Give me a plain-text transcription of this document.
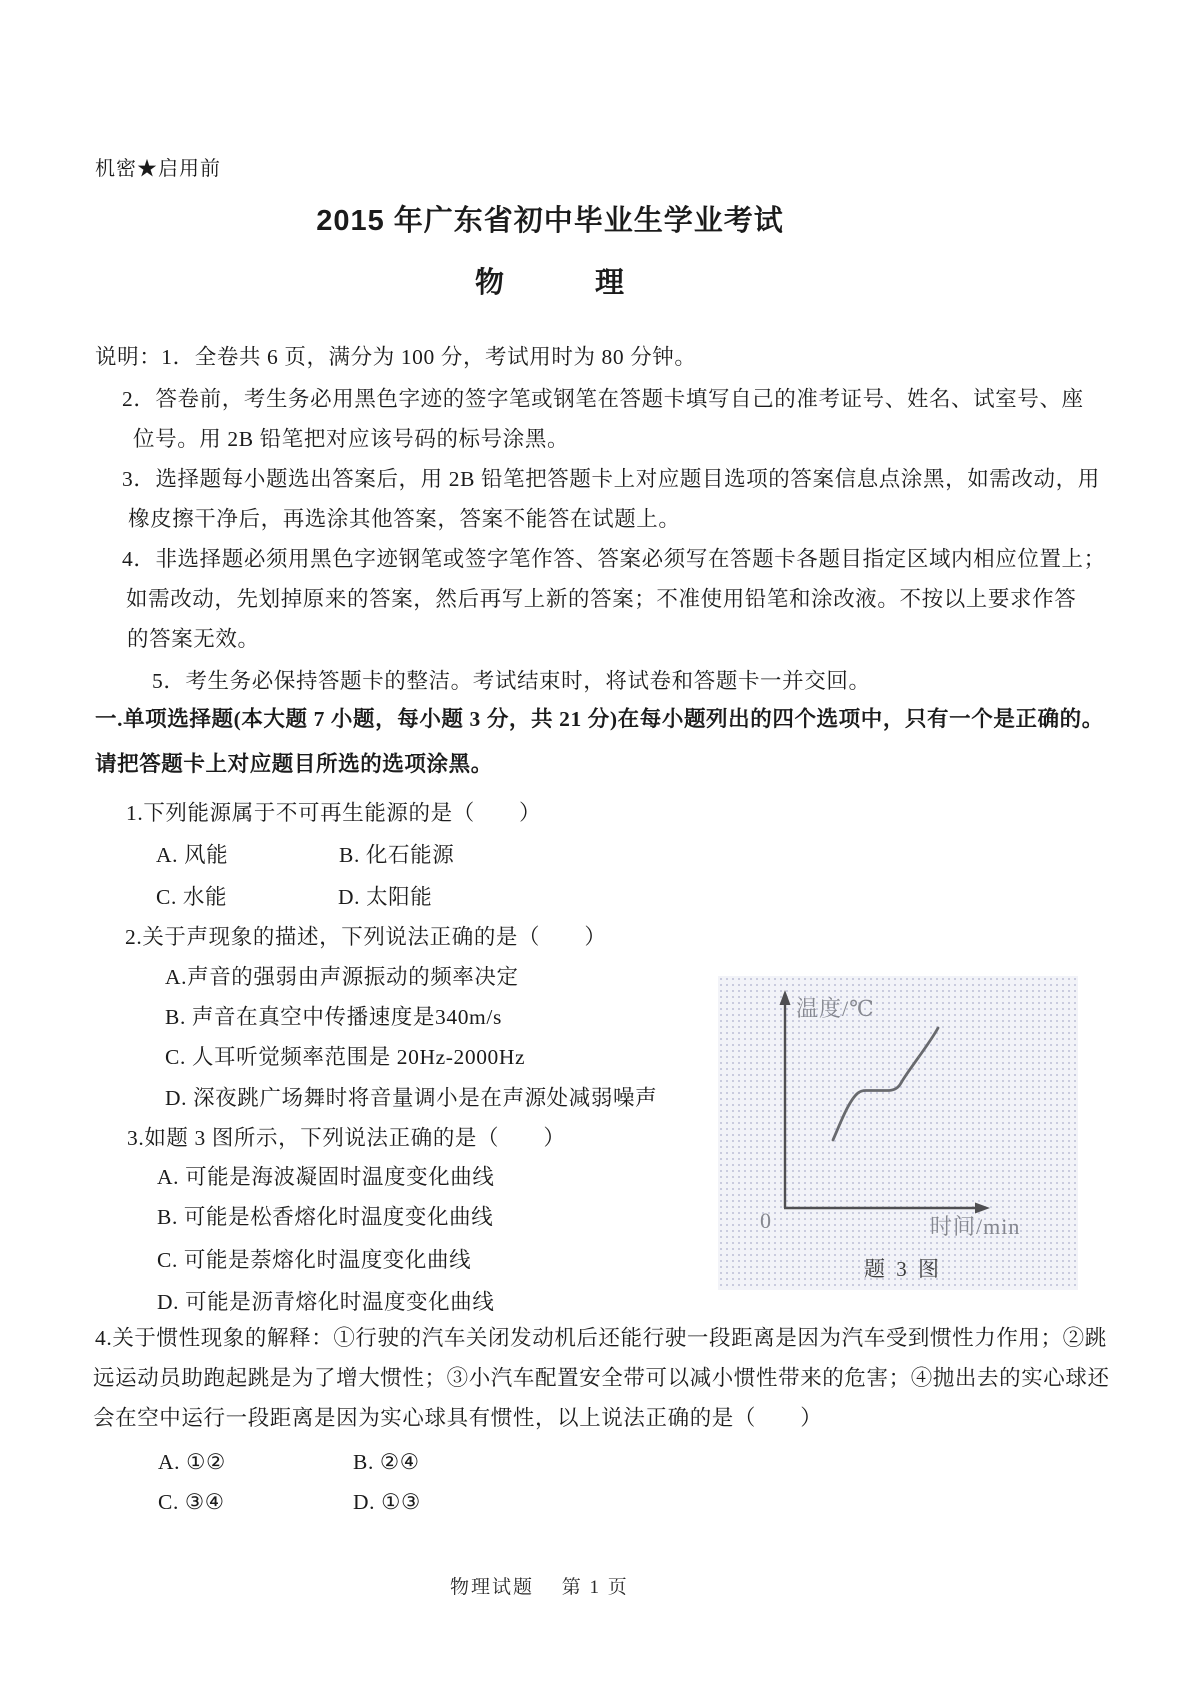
机密★启用前
2015 年广东省初中毕业生学业考试
物　　　理
说明：1．全卷共 6 页，满分为 100 分，考试用时为 80 分钟。
2．答卷前，考生务必用黑色字迹的签字笔或钢笔在答题卡填写自己的准考证号、姓名、试室号、座
位号。用 2B 铅笔把对应该号码的标号涂黑。
3．选择题每小题选出答案后，用 2B 铅笔把答题卡上对应题目选项的答案信息点涂黑，如需改动，用
橡皮擦干净后，再选涂其他答案，答案不能答在试题上。
4．非选择题必须用黑色字迹钢笔或签字笔作答、答案必须写在答题卡各题目指定区域内相应位置上；
如需改动，先划掉原来的答案，然后再写上新的答案；不准使用铅笔和涂改液。不按以上要求作答
的答案无效。
5．考生务必保持答题卡的整洁。考试结束时，将试卷和答题卡一并交回。
一.单项选择题(本大题 7 小题，每小题 3 分，共 21 分)在每小题列出的四个选项中，只有一个是正确的。
请把答题卡上对应题目所选的选项涂黑。
1.下列能源属于不可再生能源的是（　　）
A. 风能	B. 化石能源
C. 水能	D. 太阳能
2.关于声现象的描述，下列说法正确的是（　　）
A.声音的强弱由声源振动的频率决定
B. 声音在真空中传播速度是340m/s
C. 人耳听觉频率范围是 20Hz-2000Hz
D. 深夜跳广场舞时将音量调小是在声源处减弱噪声
3.如题 3 图所示，下列说法正确的是（　　）
A. 可能是海波凝固时温度变化曲线
B. 可能是松香熔化时温度变化曲线
C. 可能是萘熔化时温度变化曲线
D. 可能是沥青熔化时温度变化曲线
温度/℃
时间/min
0
题 3 图
4.关于惯性现象的解释：①行驶的汽车关闭发动机后还能行驶一段距离是因为汽车受到惯性力作用；②跳
远运动员助跑起跳是为了增大惯性；③小汽车配置安全带可以减小惯性带来的危害；④抛出去的实心球还
会在空中运行一段距离是因为实心球具有惯性，以上说法正确的是（　　）
A. ①②	B. ②④
C. ③④	D. ①③
物理试题　 第 1 页
